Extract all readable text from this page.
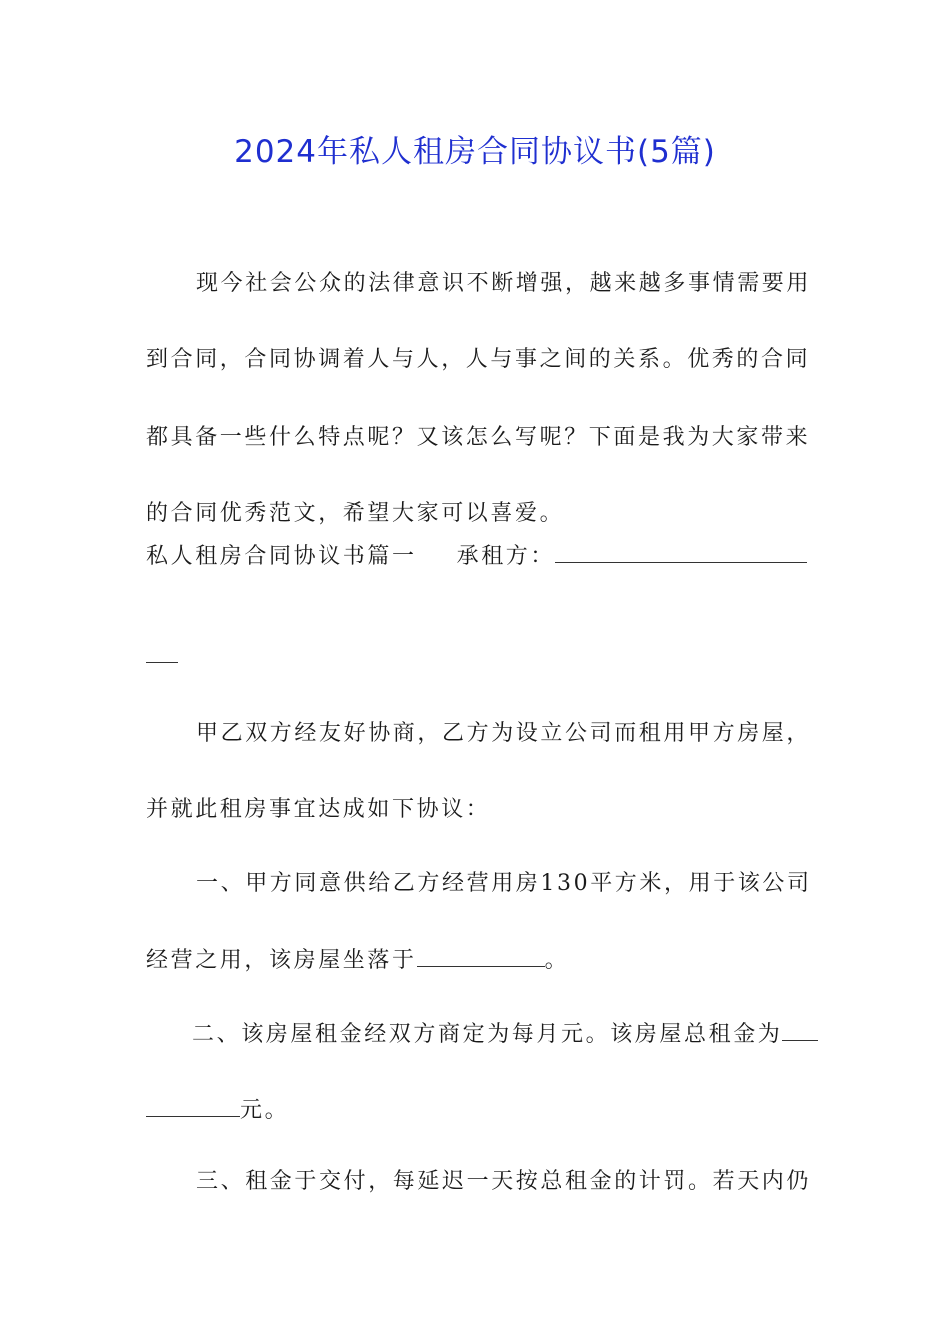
2024年私人租房合同协议书(5篇)
现今社会公众的法律意识不断增强，越来越多事情需要用
到合同，合同协调着人与人，人与事之间的关系。优秀的合同
都具备一些什么特点呢？又该怎么写呢？下面是我为大家带来
的合同优秀范文，希望大家可以喜爱。
私人租房合同协议书篇一 承租方：
甲乙双方经友好协商，乙方为设立公司而租用甲方房屋，
并就此租房事宜达成如下协议：
一、甲方同意供给乙方经营用房130平方米，用于该公司
经营之用，该房屋坐落于	。
二、该房屋租金经双方商定为每月元。该房屋总租金为
元。
三、租金于交付，每延迟一天按总租金的计罚。若天内仍
